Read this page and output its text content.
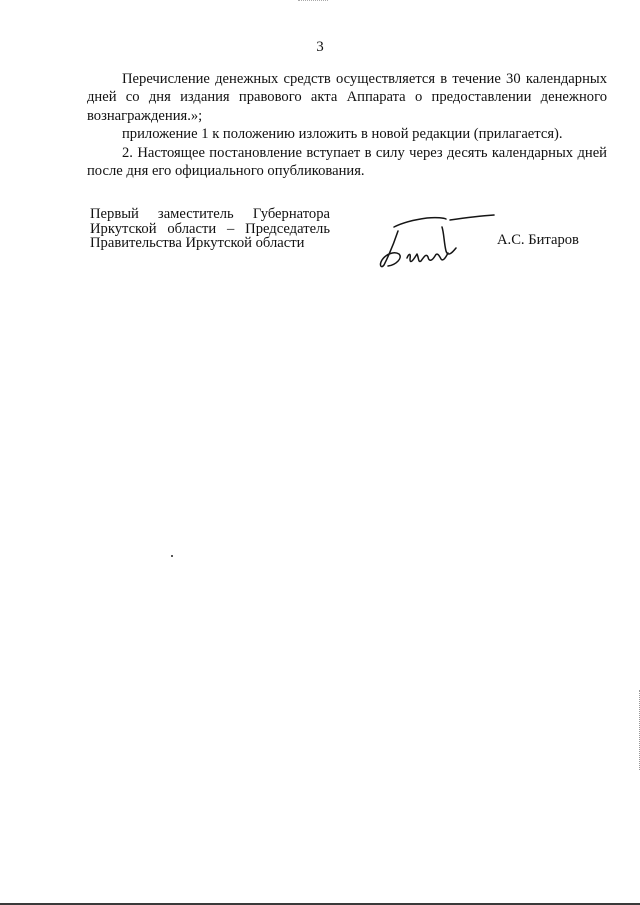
3

Перечисление денежных средств осуществляется в течение 30 календарных дней со дня издания правового акта Аппарата о предоставлении денежного вознаграждения.»;

приложение 1 к положению изложить в новой редакции (прилагается).

2. Настоящее постановление вступает в силу через десять календарных дней после дня его официального опубликования.

Первый заместитель Губернатора
Иркутской области – Председатель
Правительства Иркутской области	А.С. Битаров
